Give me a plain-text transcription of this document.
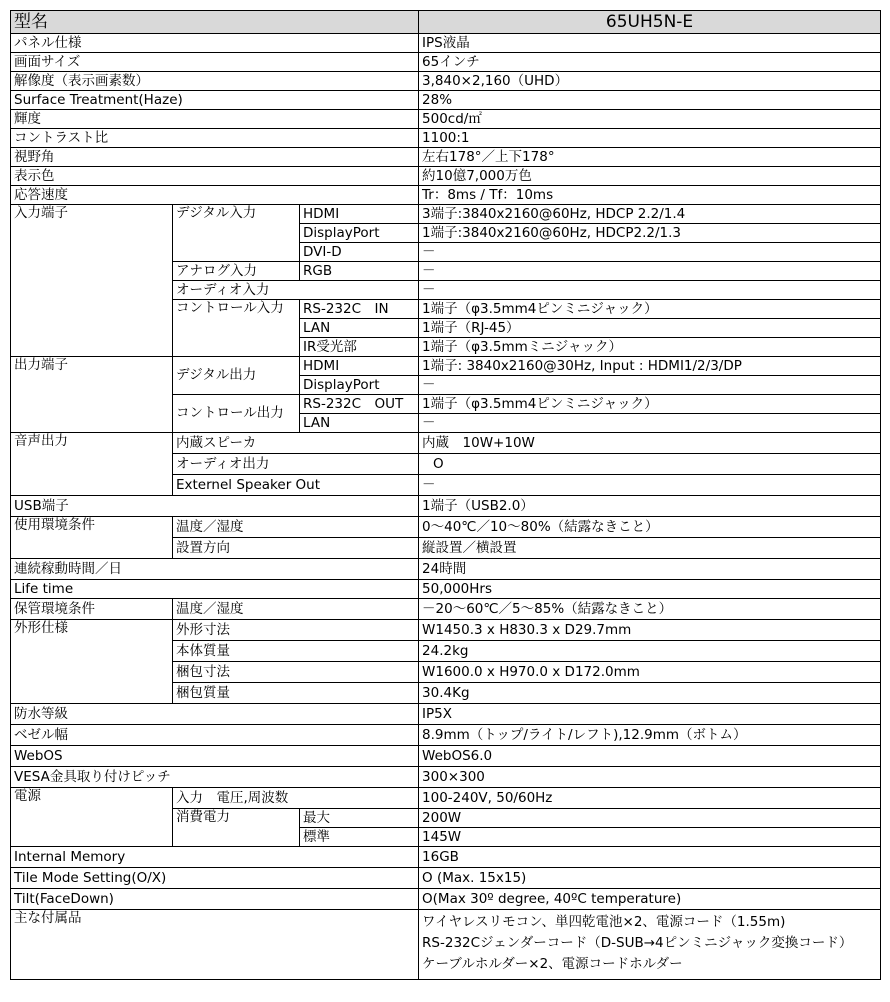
型名			65UH5N-E
パネル仕様			IPS液晶
画面サイズ			65インチ
解像度（表示画素数）			3,840×2,160（UHD）
Surface Treatment(Haze)			28%
輝度			500cd/㎡
コントラスト比			1100:1
視野角			左右178°／上下178°
表示色			約10億7,000万色
応答速度			Tr：8ms / Tf：10ms
入力端子	デジタル入力	HDMI	3端子:3840x2160@60Hz, HDCP 2.2/1.4
		DisplayPort	1端子:3840x2160@60Hz, HDCP2.2/1.3
		DVI-D	－
	アナログ入力	RGB	－
	オーディオ入力		－
	コントロール入力	RS-232C　IN	1端子（φ3.5mm4ピンミニジャック）
		LAN	1端子（RJ-45）
		IR受光部	1端子（φ3.5mmミニジャック）
出力端子	デジタル出力	HDMI	1端子: 3840x2160@30Hz, Input : HDMI1/2/3/DP
		DisplayPort	－
	コントロール出力	RS-232C　OUT	1端子（φ3.5mm4ピンミニジャック）
		LAN	－
音声出力	内蔵スピーカ		内蔵　10W+10W
	オーディオ出力		O
	Externel Speaker Out		－
USB端子			1端子（USB2.0）
使用環境条件	温度／湿度		0～40℃／10～80%（結露なきこと）
	設置方向		縦設置／横設置
連続稼動時間／日			24時間
Life time			50,000Hrs
保管環境条件	温度／湿度		－20～60℃／5～85%（結露なきこと）
外形仕様	外形寸法		W1450.3 x H830.3 x D29.7mm
	本体質量		24.2kg
	梱包寸法		W1600.0 x H970.0 x D172.0mm
	梱包質量		30.4Kg
防水等級			IP5X
ベゼル幅			8.9mm（トップ/ライト/レフト),12.9mm（ボトム）
WebOS			WebOS6.0
VESA金具取り付けピッチ			300×300
電源	入力　電圧,周波数		100-240V, 50/60Hz
	消費電力	最大	200W
		標準	145W
Internal Memory			16GB
Tile Mode Setting(O/X)			O (Max. 15x15)
Tilt(FaceDown)			O(Max 30º degree, 40ºC temperature)
主な付属品			ワイヤレスリモコン、単四乾電池×2、電源コード（1.55m)
RS-232Cジェンダーコード（D-SUB→4ピンミニジャック変換コード）
ケーブルホルダー×2、電源コードホルダー
